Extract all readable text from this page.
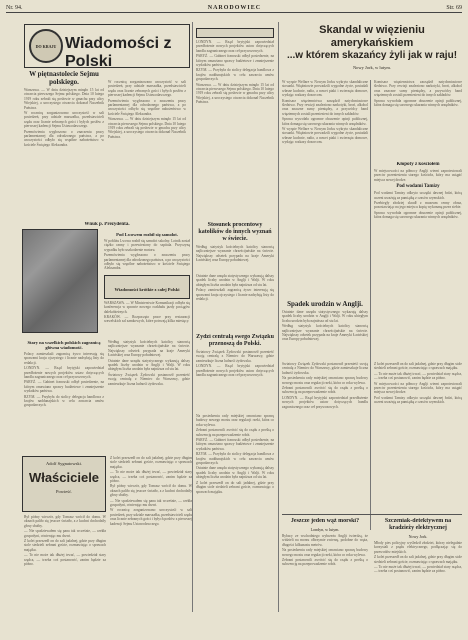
Nr. 94.	NARODOWIEC	Str. 69
DO KRAJU Wiadomości z Polski
W piętnastolecie Sejmu polskiego.

Warszawa. — W dniu dzisiejszym minęło 15 lat od otwarcia pierwszego Sejmu polskiego. Dnia 10 lutego 1919 roku zebrali się posłowie w gmachu przy ulicy Wiejskiej, a uroczystego otwarcia dokonał Naczelnik Państwa.

W rocznicę zorganizowano uroczystość w sali posiedzeń, przy udziale marszałka, przedstawicieli rządu oraz licznie zebranych gości i byłych posłów z pierwszej kadencji Sejmu Ustawodawczego.

Przemówienia wygłoszono o znaczeniu pracy parlamentarnej dla odrodzonego państwa, a po uroczystości odbyło się wspólne nabożeństwo w kościele Świętego Aleksandra.

W rocznicę zorganizowano uroczystość w sali posiedzeń, przy udziale marszałka, przedstawicieli rządu oraz licznie zebranych gości i byłych posłów z pierwszej kadencji Sejmu Ustawodawczego.

Przemówienia wygłoszono o znaczeniu pracy parlamentarnej dla odrodzonego państwa, a po uroczystości odbyło się wspólne nabożeństwo w kościele Świętego Aleksandra.

Warszawa. — W dniu dzisiejszym minęło 15 lat od otwarcia pierwszego Sejmu polskiego. Dnia 10 lutego 1919 roku zebrali się posłowie w gmachu przy ulicy Wiejskiej, a uroczystego otwarcia dokonał Naczelnik Państwa.

Wnuk p. Prezydenta.
Pod Lwowem rozbił się samolot.

W pobliżu Lwowa rozbił się samolot szkolny. Lotnik został ciężko ranny i przewieziony do szpitala. Przyczyną wypadku było uszkodzenie motoru.

Przemówienia wygłoszono o znaczeniu pracy parlamentarnej dla odrodzonego państwa, a po uroczystości odbyło się wspólne nabożeństwo w kościele Świętego Aleksandra.

Wiadomości krótkie z całej Polski

WARSZAWA. — W Ministerstwie Komunikacji odbyła się konferencja w sprawie nowego rozkładu jazdy pociągów dalekobieżnych.

KRAKÓW. — Rozpoczęto prace przy restauracji wawelskich sal zamkowych, które potrwają kilka miesięcy.

Stary na wszelkich polskich zagranicą główna wiadomość.

Polacy zamieszkali zagranicą żywo interesują się sprawami kraju ojczystego i licznie nadsyłają listy do redakcji.

LONDYN. — Rząd brytyjski zapowiedział przedłożenie nowych projektów ustaw dotyczących handlu zagranicznego oraz ceł przywozowych.

PARYŻ. — Gabinet francuski odbył posiedzenie, na którym omawiano sprawy budżetowe i zmniejszenie wydatków państwa.

RZYM. — Przybyła do stolicy delegacja handlowa z krajów naddunajskich w celu zawarcia umów gospodarczych.

Według statystyk kościelnych katolicy stanowią najliczniejsze wyznanie chrześcijańskie na świecie. Największy odsetek przypada na kraje Ameryki Łacińskiej oraz Europy południowej.

Ostatnie dane urzędu statystycznego wykazują dalszy spadek liczby urodzin w Anglji i Walji. W roku ubiegłym liczba urodzin była najniższa od stu lat.

Światowy Związek Żydowski postanowił przenieść swoją centralę z Niemiec do Warszawy, gdzie zamieszkuje liczna ludność żydowska.

Adolf Sygnatowski.
Właściciele
Powieść.

Był późny wieczór, gdy Tomasz wrócił do domu. W oknach paliło się jeszcze światło, a z kuchni dochodziły głosy służby.

— Nie spodziewałem się pana tak wcześnie, — rzekła gospodyni, otwierając mu drzwi.

Z kolei przeszedł on do sali jadalnej, gdzie przy długim stole siedzieli zebrani goście, rozmawiając o sprawach majątku.

— To nie może tak dłużej trwać, — powiedział stary rządca, — trzeba coś postanowić, zanim będzie za późno.

Z kolei przeszedł on do sali jadalnej, gdzie przy długim stole siedzieli zebrani goście, rozmawiając o sprawach majątku.

— To nie może tak dłużej trwać, — powiedział stary rządca, — trzeba coś postanowić, zanim będzie za późno.

Był późny wieczór, gdy Tomasz wrócił do domu. W oknach paliło się jeszcze światło, a z kuchni dochodziły głosy służby.

— Nie spodziewałem się pana tak wcześnie, — rzekła gospodyni, otwierając mu drzwi.

W rocznicę zorganizowano uroczystość w sali posiedzeń, przy udziale marszałka, przedstawicieli rządu oraz licznie zebranych gości i byłych posłów z pierwszej kadencji Sejmu Ustawodawczego.

LONDYN. — Rząd brytyjski zapowiedział przedłożenie nowych projektów ustaw dotyczących handlu zagranicznego oraz ceł przywozowych.

PARYŻ. — Gabinet francuski odbył posiedzenie, na którym omawiano sprawy budżetowe i zmniejszenie wydatków państwa.

RZYM. — Przybyła do stolicy delegacja handlowa z krajów naddunajskich w celu zawarcia umów gospodarczych.

Warszawa. — W dniu dzisiejszym minęło 15 lat od otwarcia pierwszego Sejmu polskiego. Dnia 10 lutego 1919 roku zebrali się posłowie w gmachu przy ulicy Wiejskiej, a uroczystego otwarcia dokonał Naczelnik Państwa.

Stosunek procentowy katolików do innych wyznań w świecie.

Według statystyk kościelnych katolicy stanowią najliczniejsze wyznanie chrześcijańskie na świecie. Największy odsetek przypada na kraje Ameryki Łacińskiej oraz Europy południowej.

Ostatnie dane urzędu statystycznego wykazują dalszy spadek liczby urodzin w Anglji i Walji. W roku ubiegłym liczba urodzin była najniższa od stu lat.

Polacy zamieszkali zagranicą żywo interesują się sprawami kraju ojczystego i licznie nadsyłają listy do redakcji.

Żydzi centralą swego Związku przenoszą do Polski.

Światowy Związek Żydowski postanowił przenieść swoją centralę z Niemiec do Warszawy, gdzie zamieszkuje liczna ludność żydowska.

LONDYN. — Rząd brytyjski zapowiedział przedłożenie nowych projektów ustaw dotyczących handlu zagranicznego oraz ceł przywozowych.

Na posiedzeniu rady miejskiej omawiano sprawę budowy nowego mostu oraz regulacji rzeki, która co roku wylewa.

Zebrani postanowili zwrócić się do rządu z prośbą o subwencję na przeprowadzenie robót.

PARYŻ. — Gabinet francuski odbył posiedzenie, na którym omawiano sprawy budżetowe i zmniejszenie wydatków państwa.

RZYM. — Przybyła do stolicy delegacja handlowa z krajów naddunajskich w celu zawarcia umów gospodarczych.

Ostatnie dane urzędu statystycznego wykazują dalszy spadek liczby urodzin w Anglji i Walji. W roku ubiegłym liczba urodzin była najniższa od stu lat.

Z kolei przeszedł on do sali jadalnej, gdzie przy długim stole siedzieli zebrani goście, rozmawiając o sprawach majątku.

Spadek urodzin w Anglji.

Ostatnie dane urzędu statystycznego wykazują dalszy spadek liczby urodzin w Anglji i Walji. W roku ubiegłym liczba urodzin była najniższa od stu lat.

Według statystyk kościelnych katolicy stanowią najliczniejsze wyznanie chrześcijańskie na świecie. Największy odsetek przypada na kraje Ameryki Łacińskiej oraz Europy południowej.

Skandal w więzieniu amerykańskiem
...w którem skazańcy żyli jak w raju!
Nowy Jork, w lutym.

W wyspie Welfare w Nowym Jorku wykryto skandaliczne stosunki. Więźniowie prowadzili wygodne życie, posiadali własne kuchnie, radio, a nawet ptaki i zwierzęta domowe, wydając rozkazy dozorcom.

Komisarz więziennictwa zarządził natychmiastowe śledztwo. Przy rewizji znaleziono narkotyki, broń, alkohol oraz znaczne sumy pieniędzy, a przywódcy band więziennych zostali przeniesieni do innych zakładów.

Sprawa wywołała ogromne oburzenie opinji publicznej, która domaga się surowego ukarania winnych urzędników.

W wyspie Welfare w Nowym Jorku wykryto skandaliczne stosunki. Więźniowie prowadzili wygodne życie, posiadali własne kuchnie, radio, a nawet ptaki i zwierzęta domowe, wydając rozkazy dozorcom.

Komisarz więziennictwa zarządził natychmiastowe śledztwo. Przy rewizji znaleziono narkotyki, broń, alkohol oraz znaczne sumy pieniędzy, a przywódcy band więziennych zostali przeniesieni do innych zakładów.

Sprawa wywołała ogromne oburzenie opinji publicznej, która domaga się surowego ukarania winnych urzędników.

Kłopoty z kościołem

W miejscowości na północy Anglji wierni zaprotestowali przeciw przeniesieniu starego kościoła, który ma ustąpić miejsca nowej drodze.

Pod wodami Tamizy

Pod wodami Tamizy odkryto szczątki dawnej łodzi, którą uczeni uważają za pamiątkę z czasów rzymskich.

Przebiegły złodziej skradł z muzeum cenny obraz, pozostawiając na jego miejscu kopię wykonaną przez siebie.

Sprawa wywołała ogromne oburzenie opinji publicznej, która domaga się surowego ukarania winnych urzędników.

Światowy Związek Żydowski postanowił przenieść swoją centralę z Niemiec do Warszawy, gdzie zamieszkuje liczna ludność żydowska.

Na posiedzeniu rady miejskiej omawiano sprawę budowy nowego mostu oraz regulacji rzeki, która co roku wylewa.

Zebrani postanowili zwrócić się do rządu z prośbą o subwencję na przeprowadzenie robót.

LONDYN. — Rząd brytyjski zapowiedział przedłożenie nowych projektów ustaw dotyczących handlu zagranicznego oraz ceł przywozowych.

Z kolei przeszedł on do sali jadalnej, gdzie przy długim stole siedzieli zebrani goście, rozmawiając o sprawach majątku.

— To nie może tak dłużej trwać, — powiedział stary rządca, — trzeba coś postanowić, zanim będzie za późno.

W miejscowości na północy Anglji wierni zaprotestowali przeciw przeniesieniu starego kościoła, który ma ustąpić miejsca nowej drodze.

Pod wodami Tamizy odkryto szczątki dawnej łodzi, którą uczeni uważają za pamiątkę z czasów rzymskich.

Jeszcze jeden wąż morski?
Londyn, w lutym.

Rybacy ze wschodniego wybrzeża Anglji twierdzą, że widzieli na morzu olbrzymie zwierzę, podobne do węża, długości kilkunastu metrów.

Na posiedzeniu rady miejskiej omawiano sprawę budowy nowego mostu oraz regulacji rzeki, która co roku wylewa.

Zebrani postanowili zwrócić się do rządu z prośbą o subwencję na przeprowadzenie robót.

Szczeniak-detektywem na kradzieży elektrycznej
Nowy Jork.

Młody pies policyjny wyśledził złodziei, którzy nielegalnie korzystali z prądu elektrycznego, podłączając się do przewodów miejskich.

Z kolei przeszedł on do sali jadalnej, gdzie przy długim stole siedzieli zebrani goście, rozmawiając o sprawach majątku.

— To nie może tak dłużej trwać, — powiedział stary rządca, — trzeba coś postanowić, zanim będzie za późno.
